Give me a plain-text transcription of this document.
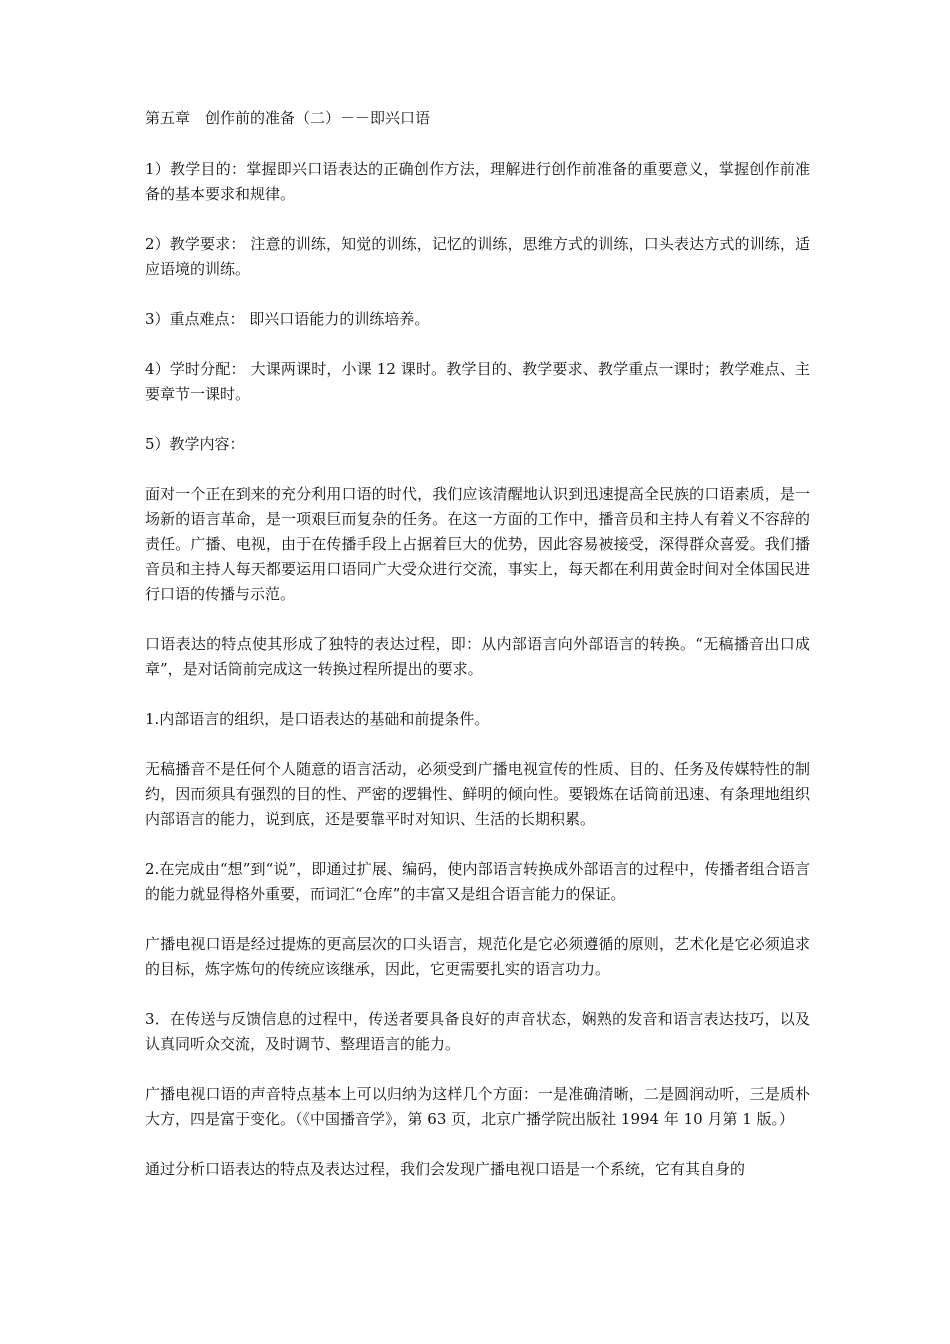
第五章　创作前的准备（二）－－即兴口语

1）教学目的：掌握即兴口语表达的正确创作方法，理解进行创作前准备的重要意义，掌握创作前准备的基本要求和规律。

2）教学要求： 注意的训练，知觉的训练，记忆的训练，思维方式的训练，口头表达方式的训练，适应语境的训练。

3）重点难点： 即兴口语能力的训练培养。

4）学时分配： 大课两课时，小课 12 课时。教学目的、教学要求、教学重点一课时；教学难点、主要章节一课时。

5）教学内容：

面对一个正在到来的充分利用口语的时代，我们应该清醒地认识到迅速提高全民族的口语素质，是一场新的语言革命，是一项艰巨而复杂的任务。在这一方面的工作中，播音员和主持人有着义不容辞的责任。广播、电视，由于在传播手段上占据着巨大的优势，因此容易被接受，深得群众喜爱。我们播音员和主持人每天都要运用口语同广大受众进行交流，事实上，每天都在利用黄金时间对全体国民进行口语的传播与示范。

口语表达的特点使其形成了独特的表达过程，即：从内部语言向外部语言的转换。“无稿播音出口成章”，是对话筒前完成这一转换过程所提出的要求。

1.内部语言的组织，是口语表达的基础和前提条件。

无稿播音不是任何个人随意的语言活动，必须受到广播电视宣传的性质、目的、任务及传媒特性的制约，因而须具有强烈的目的性、严密的逻辑性、鲜明的倾向性。要锻炼在话筒前迅速、有条理地组织内部语言的能力，说到底，还是要靠平时对知识、生活的长期积累。

2.在完成由“想”到“说”，即通过扩展、编码，使内部语言转换成外部语言的过程中，传播者组合语言的能力就显得格外重要，而词汇“仓库”的丰富又是组合语言能力的保证。

广播电视口语是经过提炼的更高层次的口头语言，规范化是它必须遵循的原则，艺术化是它必须追求的目标，炼字炼句的传统应该继承，因此，它更需要扎实的语言功力。

3．在传送与反馈信息的过程中，传送者要具备良好的声音状态，娴熟的发音和语言表达技巧，以及认真同听众交流，及时调节、整理语言的能力。

广播电视口语的声音特点基本上可以归纳为这样几个方面：一是准确清晰，二是圆润动听，三是质朴大方，四是富于变化。（《中国播音学》，第 63 页，北京广播学院出版社 1994 年 10 月第 1 版。）

通过分析口语表达的特点及表达过程，我们会发现广播电视口语是一个系统，它有其自身的
